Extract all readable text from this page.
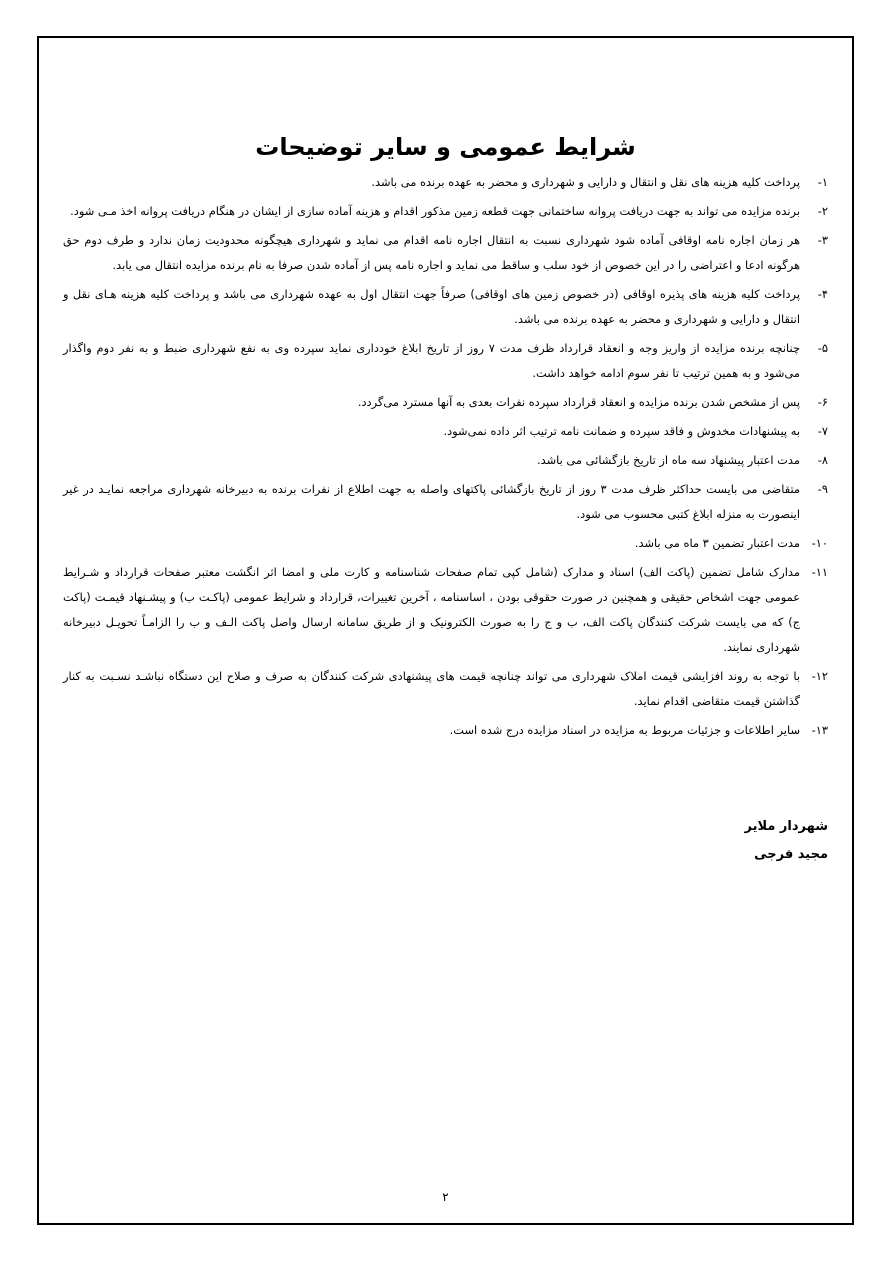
شرایط عمومی و سایر توضیحات
۱-
پرداخت کلیه هزینه های نقل و انتقال و دارایی و شهرداری و محضر به عهده برنده می باشد.
۲-
برنده مزایده می تواند به جهت دریافت پروانه ساختمانی جهت قطعه زمین مذکور اقدام و هزینه آماده سازی از ایشان در هنگام دریافت پروانه اخذ مـی شود.
۳-
هر زمان اجاره نامه اوقافی آماده شود شهرداری نسبت به انتقال اجاره نامه اقدام می نماید و شهرداری هیچگونه محدودیت زمان ندارد و طرف دوم حق هرگونه ادعا و اعتراضی را در این خصوص از خود سلب و ساقط می نماید و اجاره نامه پس از آماده شدن صرفا به نام برنده مزایده انتقال می یابد.
۴-
پرداخت کلیه هزینه های پذیره اوقافی (در خصوص زمین های اوقافی) صرفاً جهت انتقال اول به عهده شهرداری می باشد و پرداخت کلیه هزینه هـای نقل و انتقال و دارایی و شهرداری و محضر به عهده برنده می باشد.
۵-
چنانچه برنده مزایده از واریز وجه و انعقاد قرارداد ظرف مدت ۷ روز از تاریخ ابلاغ خودداری نماید سپرده وی به نفع شهرداری ضبط و به نفر دوم واگذار می‌شود و به همین ترتیب تا نفر سوم ادامه خواهد داشت.
۶-
پس از مشخص شدن برنده مزایده و انعقاد قرارداد سپرده نفرات بعدی به آنها مسترد می‌گردد.
۷-
به پیشنهادات مخدوش و فاقد سپرده و ضمانت نامه ترتیب اثر داده نمی‌شود.
۸-
مدت اعتبار پیشنهاد سه ماه از تاریخ بازگشائی می باشد.
۹-
متقاضی می بایست حداکثر ظرف مدت ۳ روز از تاریخ بازگشائی پاکتهای واصله به جهت اطلاع از نفرات برنده به دبیرخانه شهرداری مراجعه نمایـد در غیر اینصورت به منزله ابلاغ کتبی محسوب می شود.
۱۰-
مدت اعتبار تضمین ۳ ماه می باشد.
۱۱-
مدارک شامل تضمین (پاکت الف) اسناد و مدارک (شامل کپی تمام صفحات شناسنامه و کارت ملی و امضا اثر انگشت معتبر صفحات قرارداد و شـرایط عمومی جهت اشخاص حقیقی و همچنین در صورت حقوقی بودن ، اساسنامه ، آخرین تغییرات، قرارداد و شرایط عمومی (پاکـت ب) و پیشـنهاد قیمـت (پاکت ج) که می بایست شرکت کنندگان پاکت الف، ب و ج را به صورت الکترونیک و از طریق سامانه ارسال واصل پاکت الـف و ب را الزامـاً تحویـل دبیرخانه شهرداری نمایند.
۱۲-
با توجه به روند افزایشی قیمت املاک شهرداری می تواند چنانچه قیمت های پیشنهادی شرکت کنندگان به صرف و صلاح این دستگاه نباشـد نسـبت به کنار گذاشتن قیمت متقاضی اقدام نماید.
۱۳-
سایر اطلاعات و جزئیات مربوط به مزایده در اسناد مزایده درج شده است.
شهردار ملایر
مجید فرجی
۲
